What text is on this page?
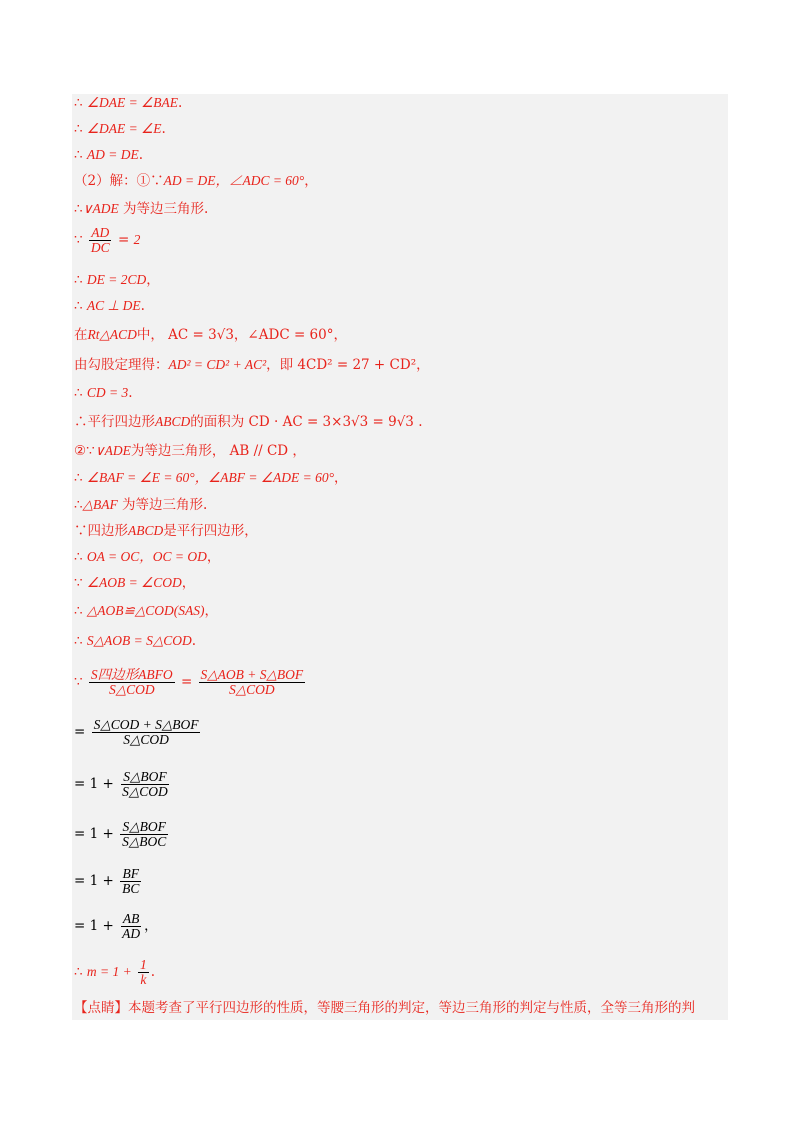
∴ ∠DAE = ∠BAE.
∴ ∠DAE = ∠E.
∴ AD = DE.
（2）解：①∵AD = DE，∠ADC = 60°，
∴∨ADE 为等边三角形.
∵ $\frac{AD}{DC} = 2$
∴ DE = 2CD，
∴ AC ⊥ DE.
在Rt△ACD中， AC = 3√3，∠ADC = 60°，
由勾股定理得：AD² = CD² + AC²，即 4CD² = 27 + CD²，
∴ CD = 3.
∴平行四边形ABCD的面积为 CD · AC = 3×3√3 = 9√3 .
②∵∨ADE为等边三角形， AB // CD ，
∴ ∠BAF = ∠E = 60°，∠ABF = ∠ADE = 60°，
∴△BAF 为等边三角形.
∵四边形ABCD是平行四边形，
∴ OA = OC，OC = OD，
∵ ∠AOB = ∠COD，
∴ △AOB≌△COD(SAS)，
∴ S△AOB = S△COD.
∵ $\frac{\text{S四边形ABFO}}{\text{S△COD}} = \frac{\text{S△AOB + S△BOF}}{\text{S△COD}}$
= $\frac{\text{S△COD + S△BOF}}{\text{S△COD}}$
= $1 + \frac{\text{S△BOF}}{\text{S△COD}}$
= $1 + \frac{\text{S△BOF}}{\text{S△BOC}}$
= $1 + \frac{BF}{BC}$
= $1 + \frac{AB}{AD}$ ，
∴ $m = 1 + \frac{1}{k}$ .
【点睛】本题考查了平行四边形的性质，等腰三角形的判定，等边三角形的判定与性质，全等三角形的判
